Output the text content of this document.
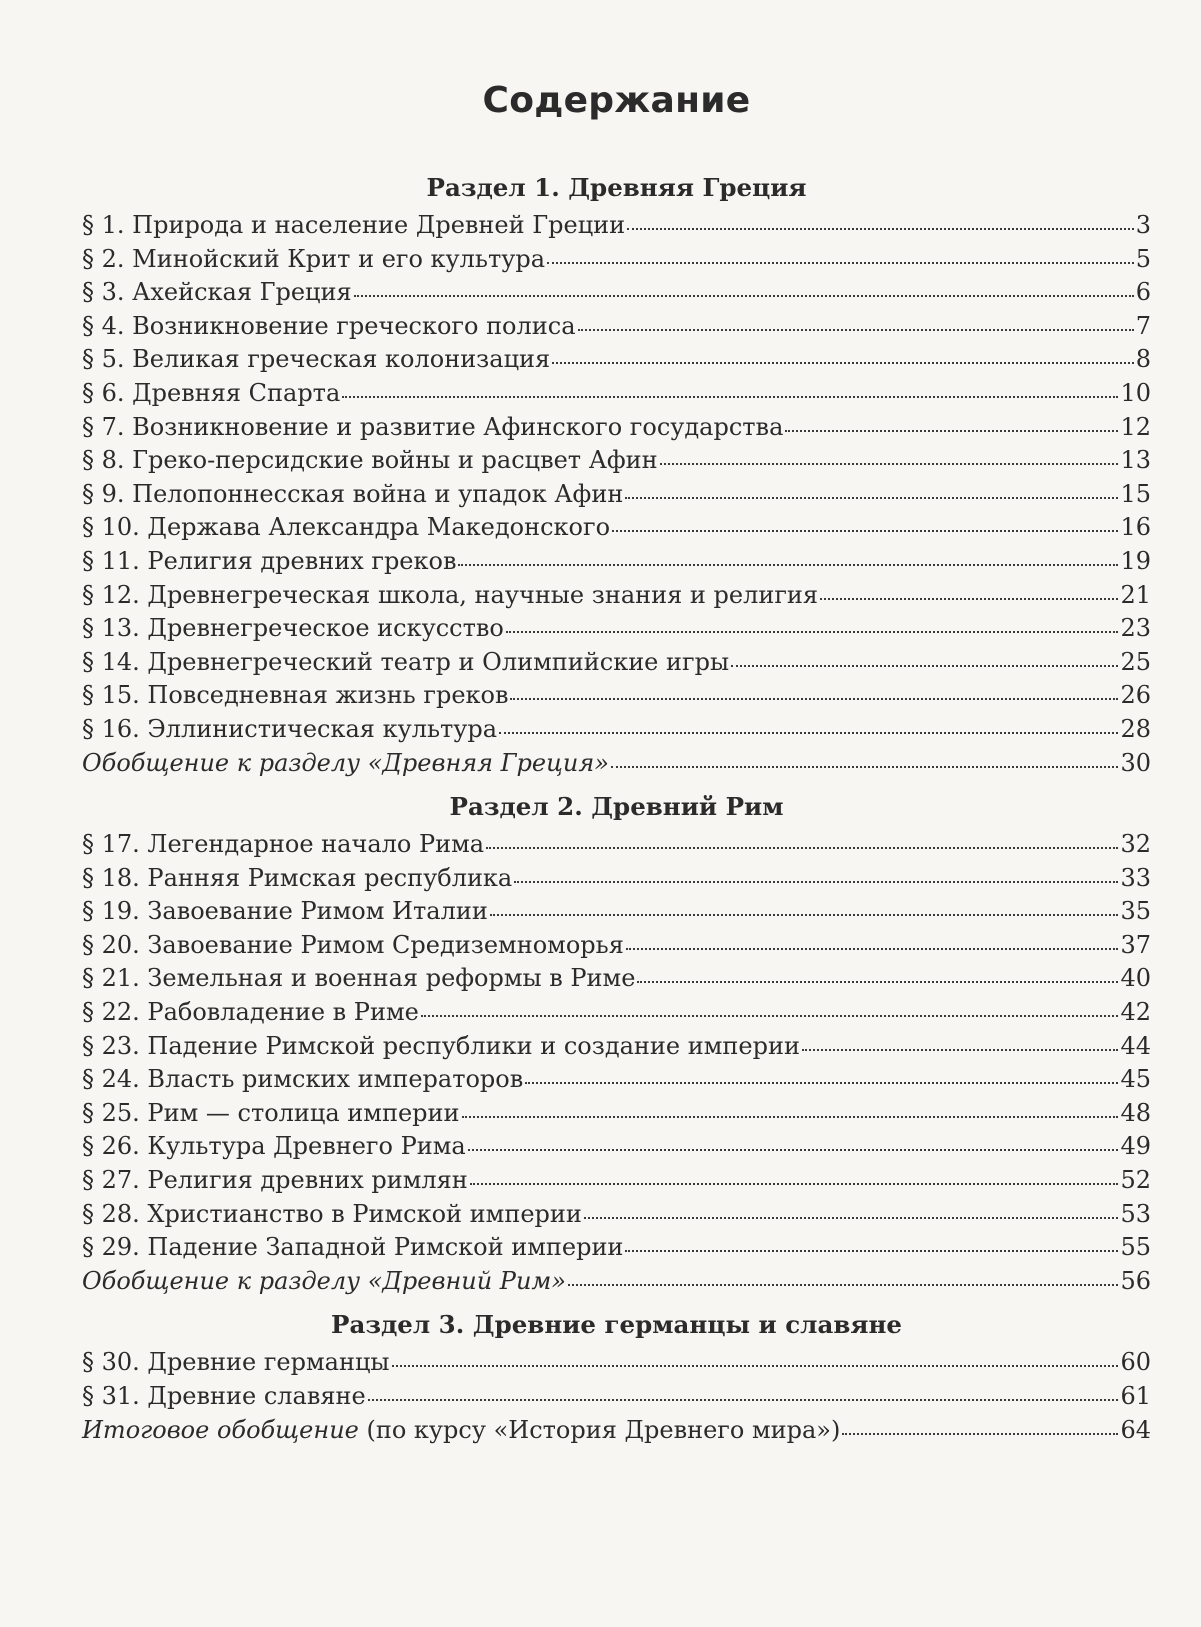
Содержание
Раздел 1. Древняя Греция
§ 1. Природа и население Древней Греции	3
§ 2. Минойский Крит и его культура	5
§ 3. Ахейская Греция	6
§ 4. Возникновение греческого полиса	7
§ 5. Великая греческая колонизация	8
§ 6. Древняя Спарта	10
§ 7. Возникновение и развитие Афинского государства	12
§ 8. Греко-персидские войны и расцвет Афин	13
§ 9. Пелопоннесская война и упадок Афин	15
§ 10. Держава Александра Македонского	16
§ 11. Религия древних греков	19
§ 12. Древнегреческая школа, научные знания и религия	21
§ 13. Древнегреческое искусство	23
§ 14. Древнегреческий театр и Олимпийские игры	25
§ 15. Повседневная жизнь греков	26
§ 16. Эллинистическая культура	28
Обобщение к разделу «Древняя Греция»	30
Раздел 2. Древний Рим
§ 17. Легендарное начало Рима	32
§ 18. Ранняя Римская республика	33
§ 19. Завоевание Римом Италии	35
§ 20. Завоевание Римом Средиземноморья	37
§ 21. Земельная и военная реформы в Риме	40
§ 22. Рабовладение в Риме	42
§ 23. Падение Римской республики и создание империи	44
§ 24. Власть римских императоров	45
§ 25. Рим — столица империи	48
§ 26. Культура Древнего Рима	49
§ 27. Религия древних римлян	52
§ 28. Христианство в Римской империи	53
§ 29. Падение Западной Римской империи	55
Обобщение к разделу «Древний Рим»	56
Раздел 3. Древние германцы и славяне
§ 30. Древние германцы	60
§ 31. Древние славяне	61
Итоговое обобщение (по курсу «История Древнего мира»)	64
